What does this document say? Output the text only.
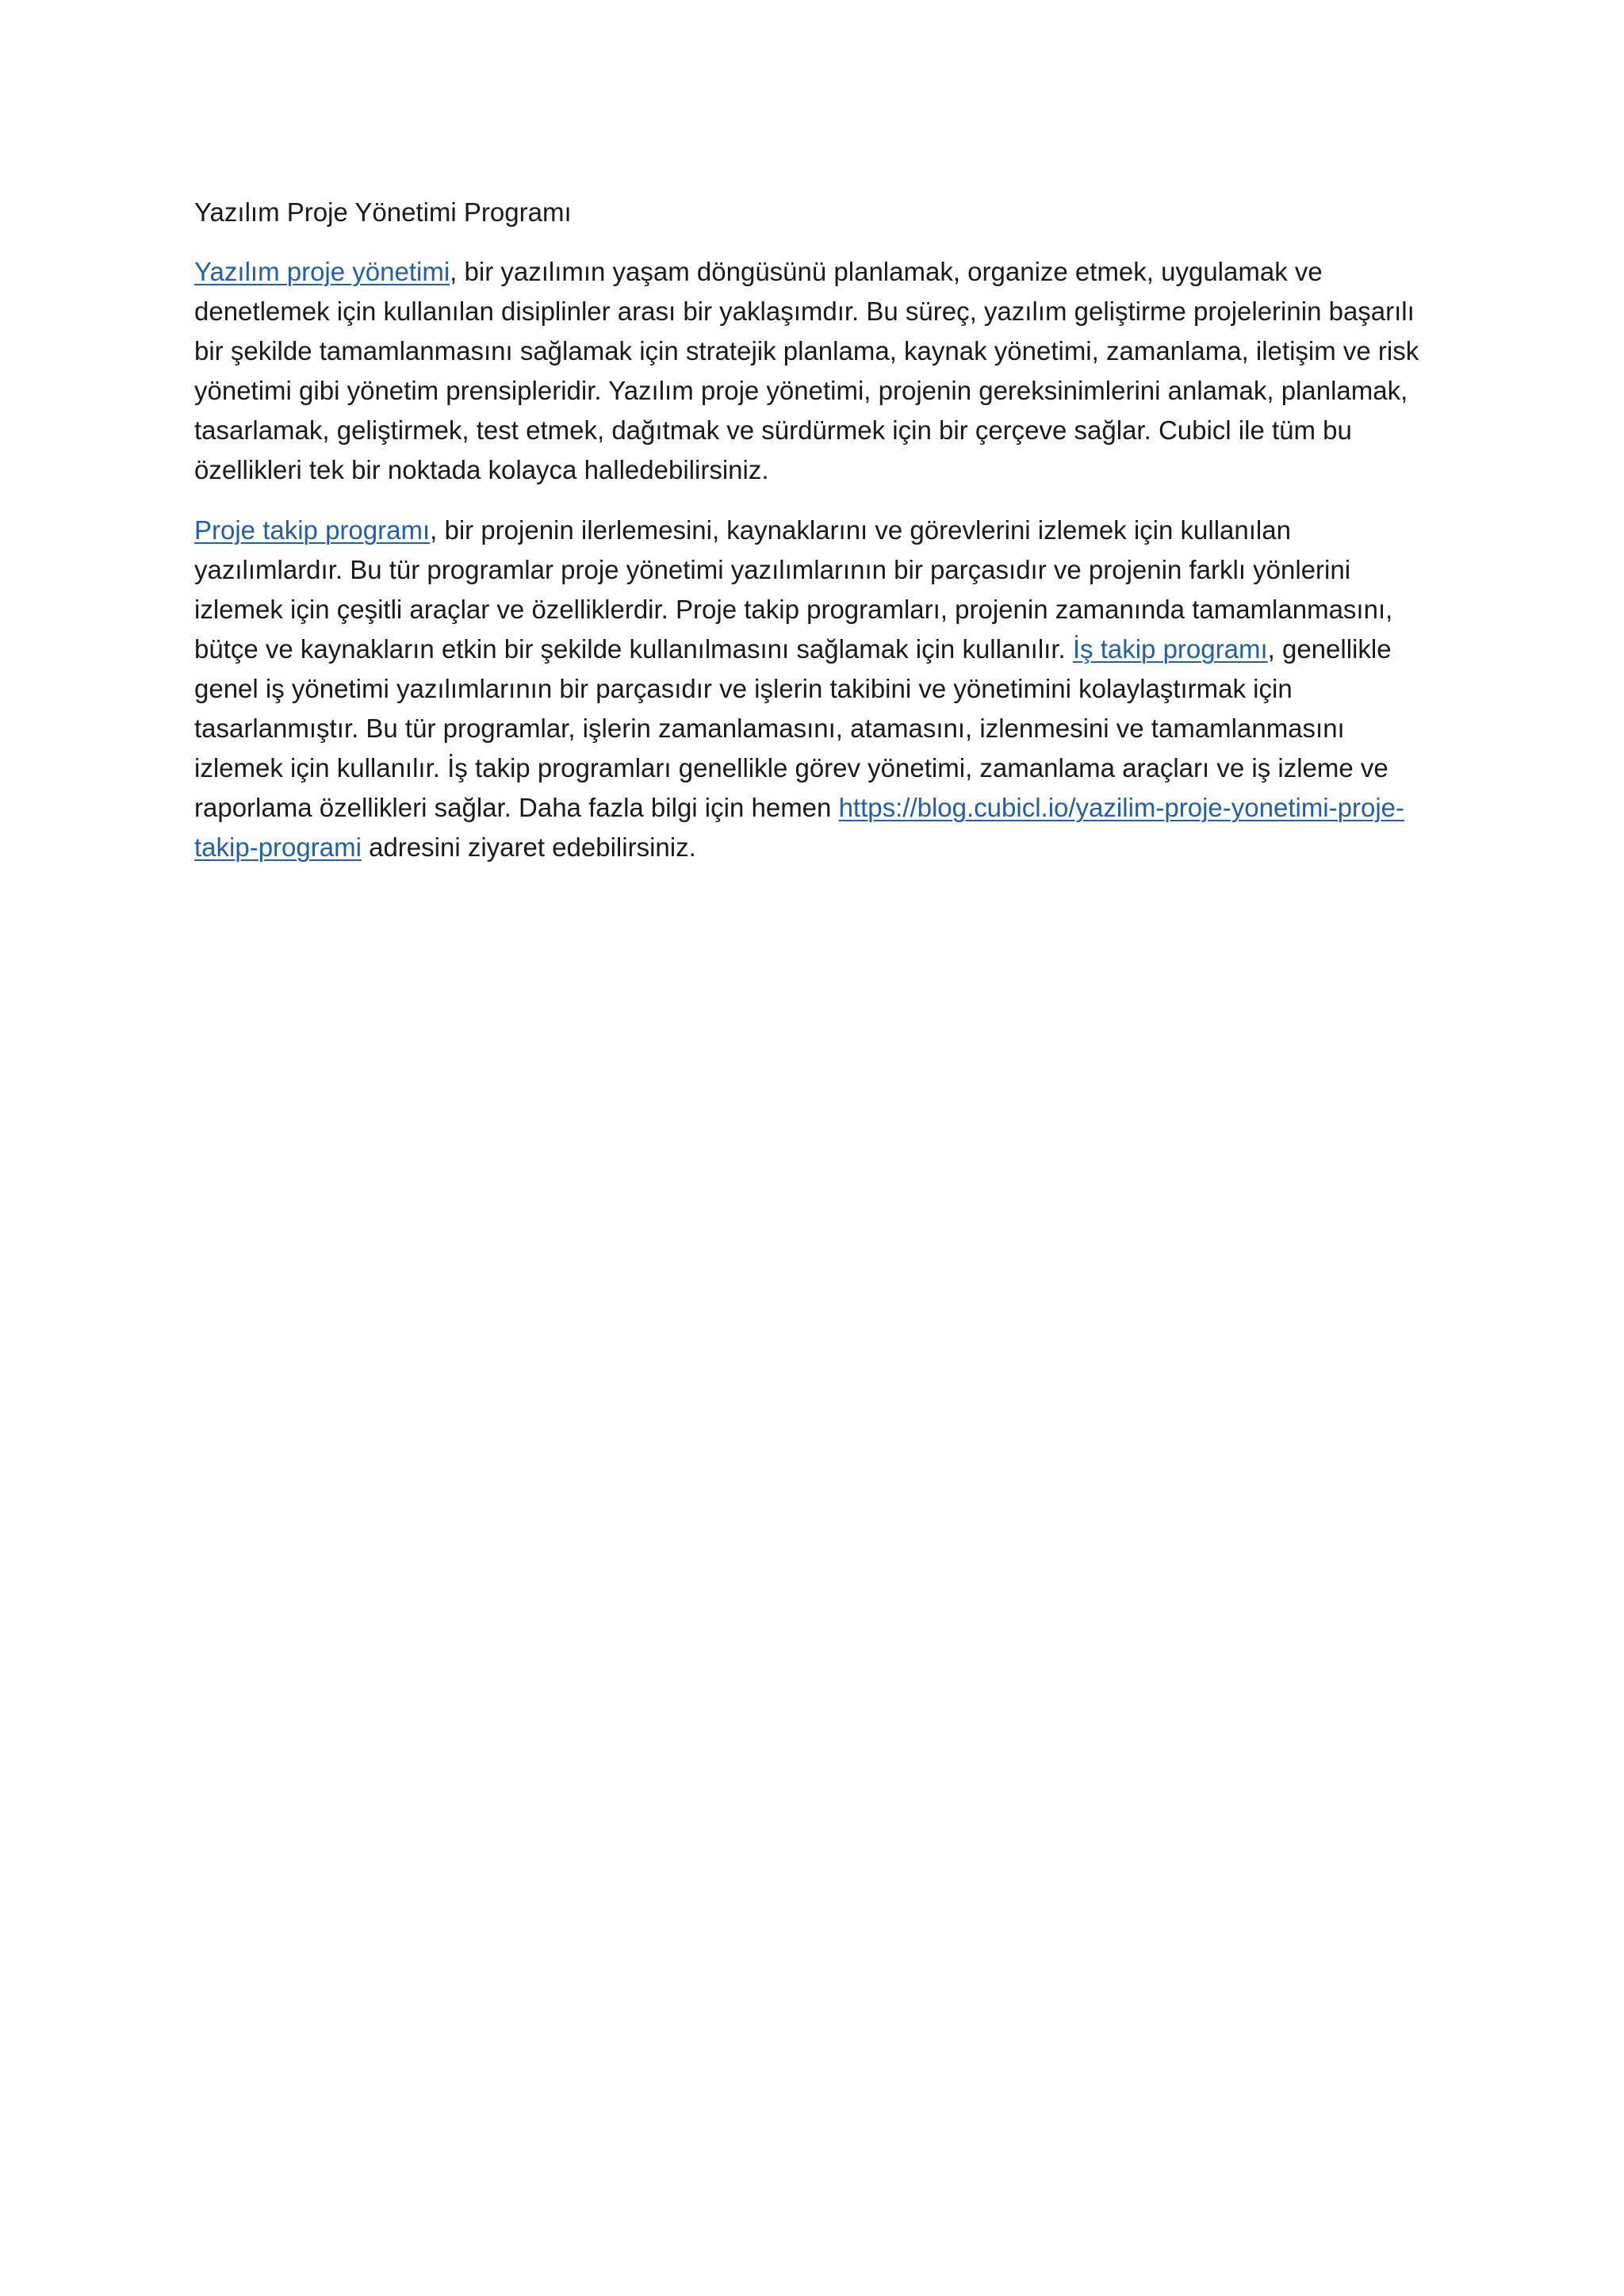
Yazılım Proje Yönetimi Programı

Yazılım proje yönetimi, bir yazılımın yaşam döngüsünü planlamak, organize etmek, uygulamak ve denetlemek için kullanılan disiplinler arası bir yaklaşımdır. Bu süreç, yazılım geliştirme projelerinin başarılı bir şekilde tamamlanmasını sağlamak için stratejik planlama, kaynak yönetimi, zamanlama, iletişim ve risk yönetimi gibi yönetim prensipleridir. Yazılım proje yönetimi, projenin gereksinimlerini anlamak, planlamak, tasarlamak, geliştirmek, test etmek, dağıtmak ve sürdürmek için bir çerçeve sağlar. Cubicl ile tüm bu özellikleri tek bir noktada kolayca halledebilirsiniz.

Proje takip programı, bir projenin ilerlemesini, kaynaklarını ve görevlerini izlemek için kullanılan yazılımlardır. Bu tür programlar proje yönetimi yazılımlarının bir parçasıdır ve projenin farklı yönlerini izlemek için çeşitli araçlar ve özelliklerdir. Proje takip programları, projenin zamanında tamamlanmasını, bütçe ve kaynakların etkin bir şekilde kullanılmasını sağlamak için kullanılır. İş takip programı, genellikle genel iş yönetimi yazılımlarının bir parçasıdır ve işlerin takibini ve yönetimini kolaylaştırmak için tasarlanmıştır. Bu tür programlar, işlerin zamanlamasını, atamasını, izlenmesini ve tamamlanmasını izlemek için kullanılır. İş takip programları genellikle görev yönetimi, zamanlama araçları ve iş izleme ve raporlama özellikleri sağlar. Daha fazla bilgi için hemen https://blog.cubicl.io/yazilim-proje-yonetimi-proje-takip-programi adresini ziyaret edebilirsiniz.
